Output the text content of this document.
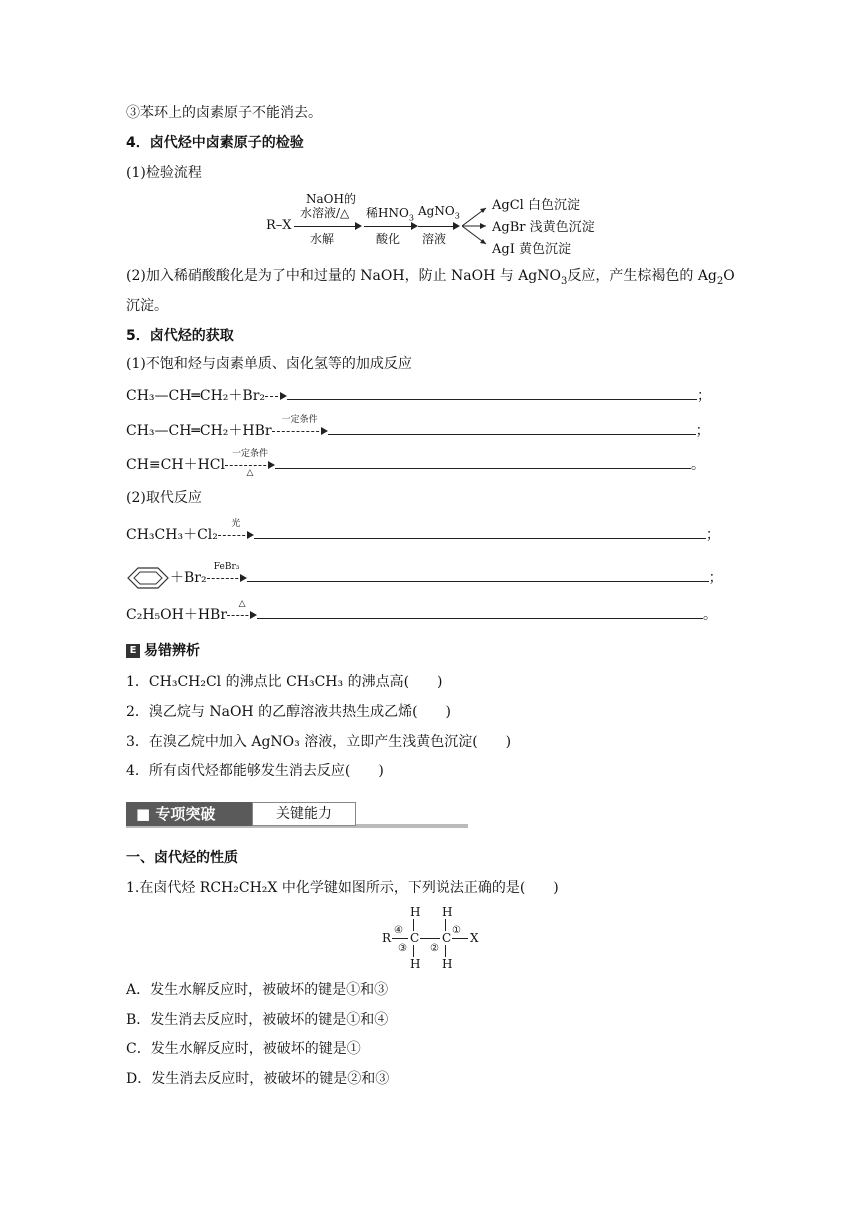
③苯环上的卤素原子不能消去。
4．卤代烃中卤素原子的检验
(1)检验流程
R–X
NaOH的
水溶液/△
水解
稀$HNO_3$
酸化
AgNO$_3$
溶液
AgCl 白色沉淀
AgBr 浅黄色沉淀
AgI 黄色沉淀
(2)加入稀硝酸酸化是为了中和过量的 NaOH，防止 NaOH 与 AgNO$_3$反应，产生棕褐色的 $Ag_2O$
沉淀。
5．卤代烃的获取
(1)不饱和烃与卤素单质、卤化氢等的加成反应
CH₃—CH═CH₂＋Br₂	；
CH₃—CH═CH₂＋HBr
一定条件
；
CH≡CH＋HCl
一定条件
△	。
(2)取代反应
CH₃CH₃＋Cl₂
光
；
＋Br₂
FeBr₃
；
C₂H₅OH＋HBr
△
。
E 易错辨析
1．CH₃CH₂Cl 的沸点比 CH₃CH₃ 的沸点高(　　)
2．溴乙烷与 NaOH 的乙醇溶液共热生成乙烯(　　)
3．在溴乙烷中加入 AgNO₃ 溶液，立即产生浅黄色沉淀(　　)
4．所有卤代烃都能够发生消去反应(　　)
■ 专项突破	关键能力
一、卤代烃的性质
1.在卤代烃 RCH₂CH₂X 中化学键如图所示，下列说法正确的是(　　)
H H
R
④
C C
①
X
③ ②
H H
A．发生水解反应时，被破坏的键是①和③
B．发生消去反应时，被破坏的键是①和④
C．发生水解反应时，被破坏的键是①
D．发生消去反应时，被破坏的键是②和③
